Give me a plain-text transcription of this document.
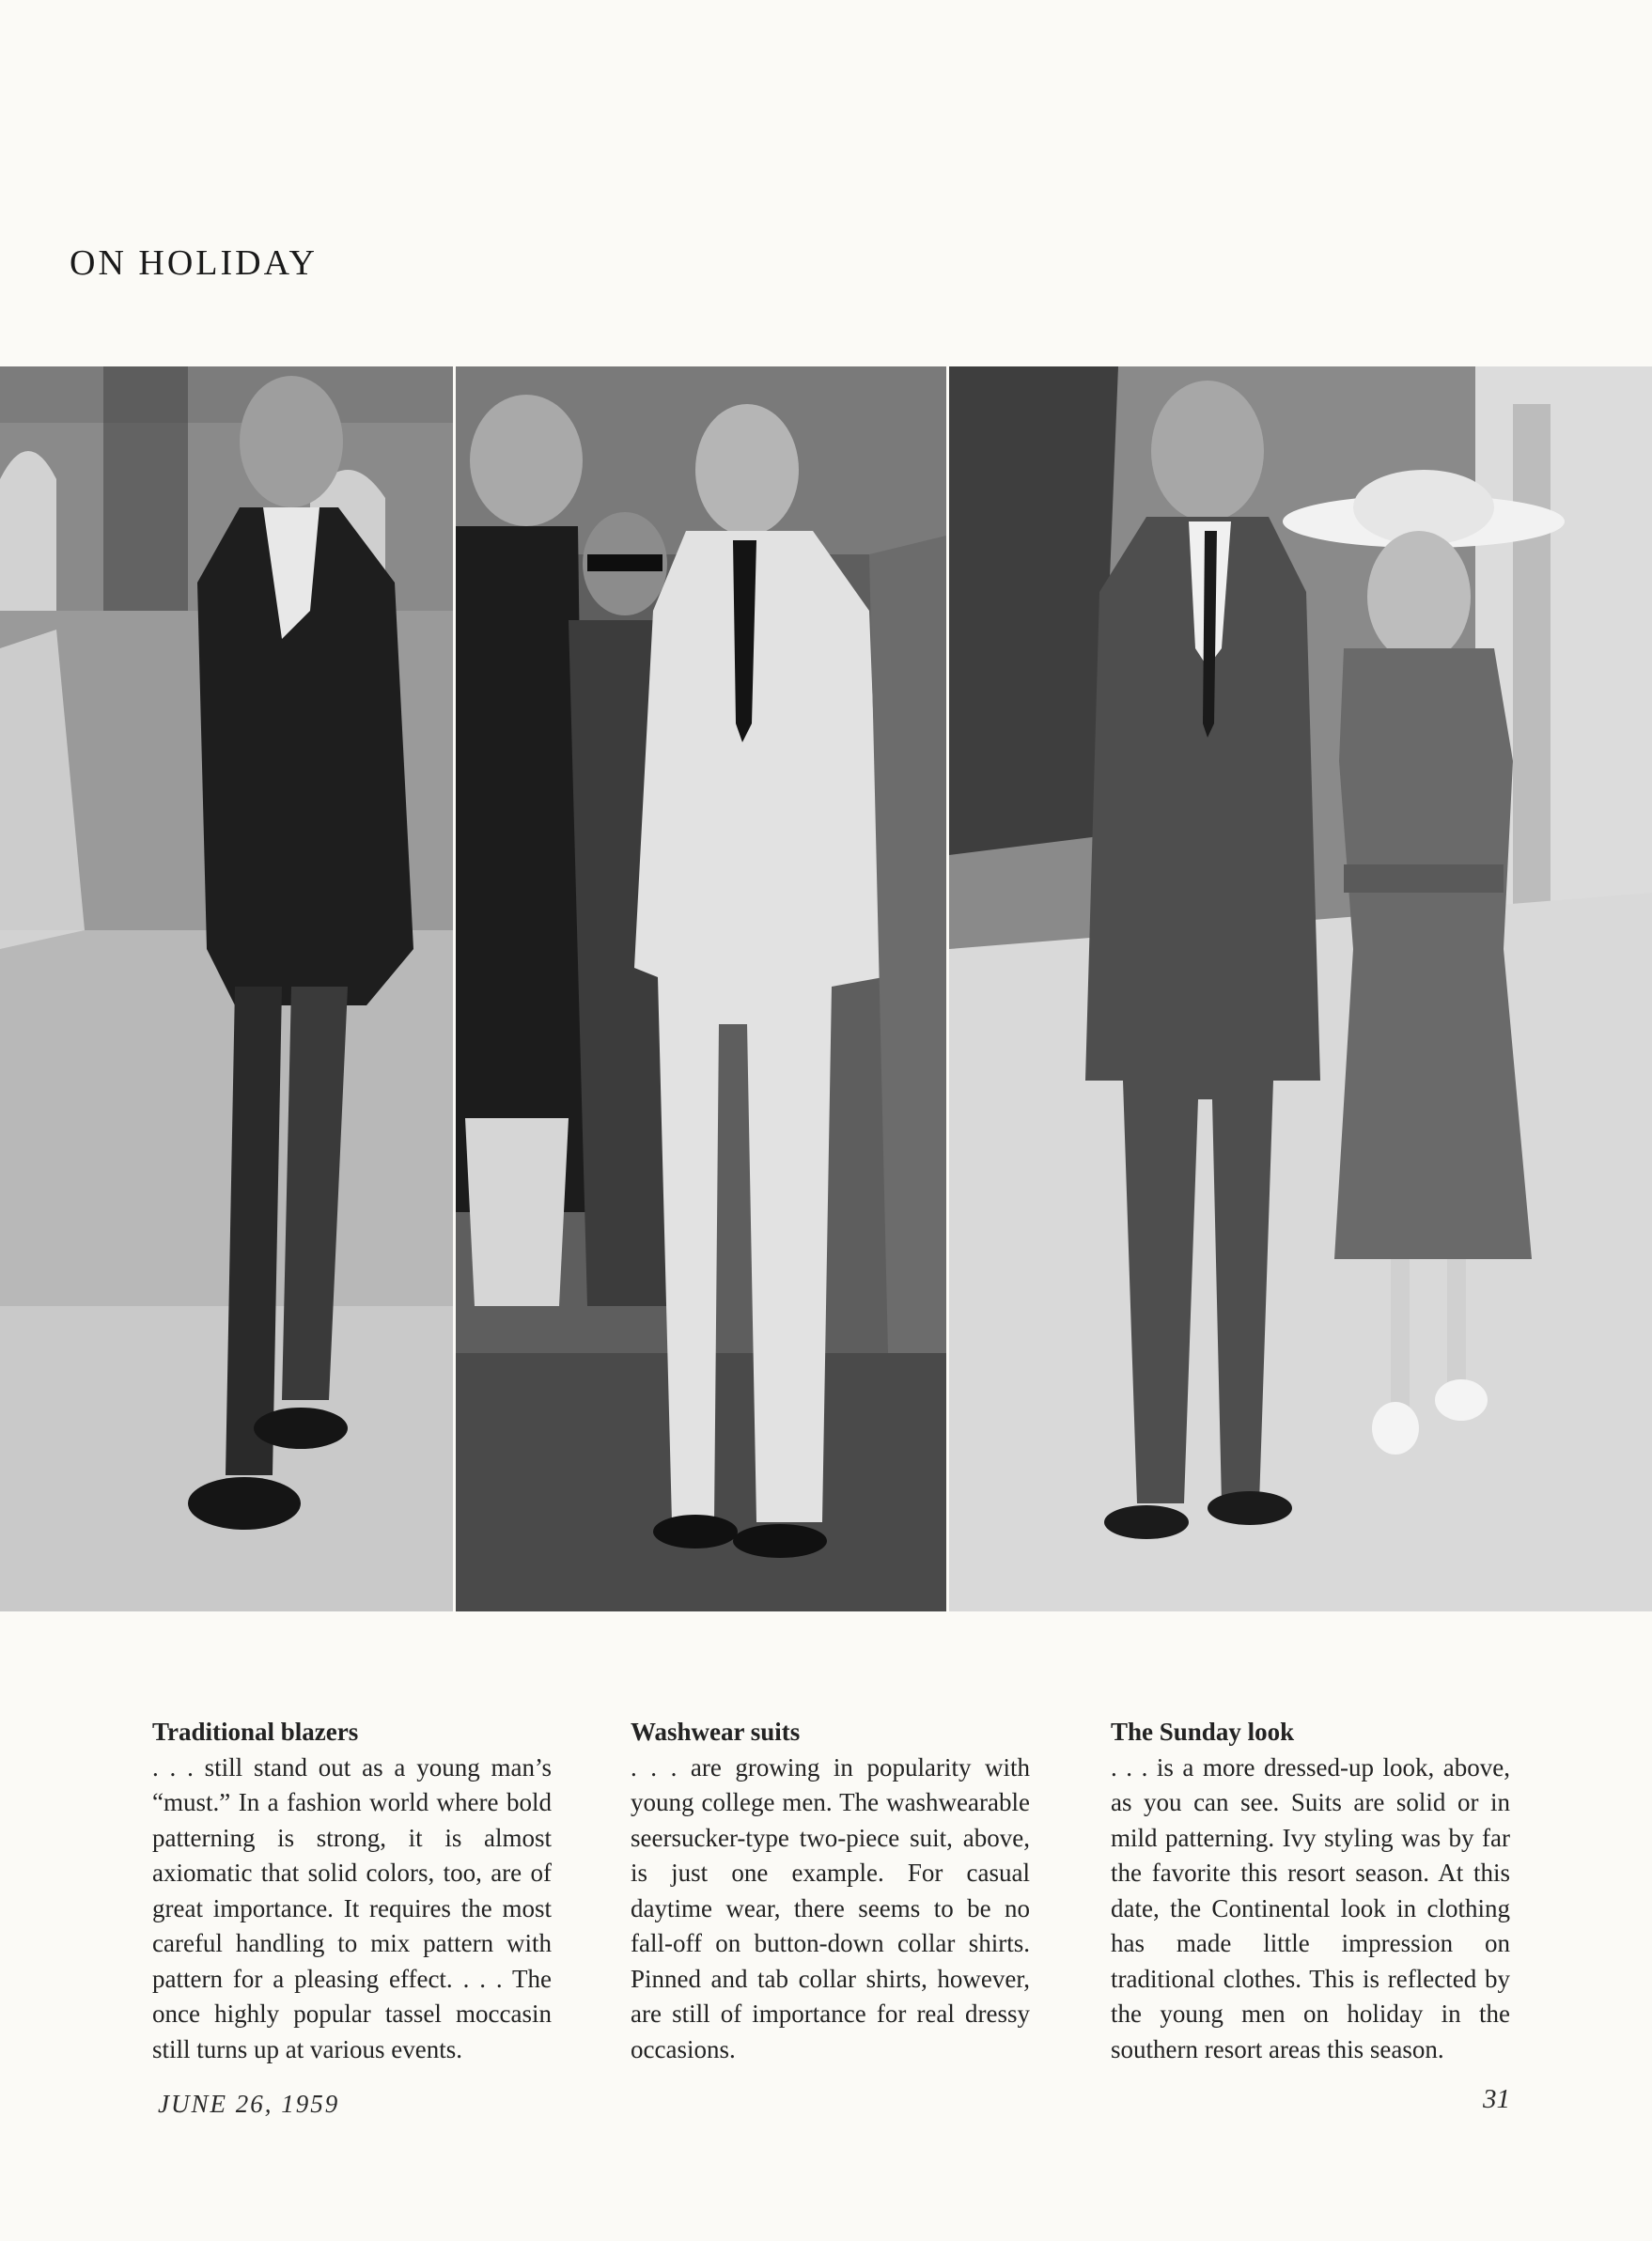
ON HOLIDAY
Traditional blazers

. . . still stand out as a young man’s “must.” In a fashion world where bold patterning is strong, it is almost axiomatic that solid colors, too, are of great importance. It requires the most careful handling to mix pattern with pattern for a pleasing effect. . . . The once highly popular tassel moccasin still turns up at various events.

Washwear suits

. . . are growing in popularity with young college men. The washwearable seersucker-type two-piece suit, above, is just one example. For casual daytime wear, there seems to be no fall-off on button-down collar shirts. Pinned and tab collar shirts, however, are still of importance for real dressy occasions.

The Sunday look

. . . is a more dressed-up look, above, as you can see. Suits are solid or in mild patterning. Ivy styling was by far the favorite this resort season. At this date, the Continental look in clothing has made little impression on traditional clothes. This is reflected by the young men on holiday in the southern resort areas this season.

JUNE 26, 1959	31
